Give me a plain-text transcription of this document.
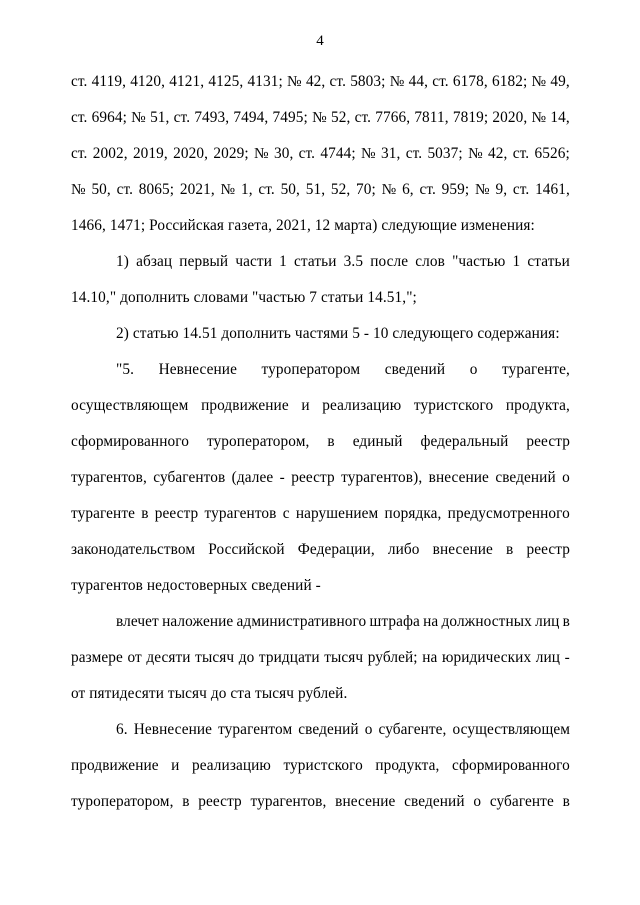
4
ст. 4119, 4120, 4121, 4125, 4131; № 42, ст. 5803; № 44, ст. 6178, 6182; № 49,
ст. 6964; № 51, ст. 7493, 7494, 7495; № 52, ст. 7766, 7811, 7819; 2020, № 14,
ст. 2002, 2019, 2020, 2029; № 30, ст. 4744; № 31, ст. 5037; № 42, ст. 6526;
№ 50, ст. 8065; 2021, № 1, ст. 50, 51, 52, 70; № 6, ст. 959; № 9, ст. 1461,
1466, 1471; Российская газета, 2021, 12 марта) следующие изменения:
1) абзац первый части 1 статьи 3.5 после слов "частью 1 статьи
14.10," дополнить словами "частью 7 статьи 14.51,";
2) статью 14.51 дополнить частями 5 - 10 следующего содержания:
"5. Невнесение туроператором сведений о турагенте,
осуществляющем продвижение и реализацию туристского продукта,
сформированного туроператором, в единый федеральный реестр
турагентов, субагентов (далее - реестр турагентов), внесение сведений о
турагенте в реестр турагентов с нарушением порядка, предусмотренного
законодательством Российской Федерации, либо внесение в реестр
турагентов недостоверных сведений -
влечет наложение административного штрафа на должностных лиц в
размере от десяти тысяч до тридцати тысяч рублей; на юридических лиц -
от пятидесяти тысяч до ста тысяч рублей.
6. Невнесение турагентом сведений о субагенте, осуществляющем
продвижение и реализацию туристского продукта, сформированного
туроператором, в реестр турагентов, внесение сведений о субагенте в
